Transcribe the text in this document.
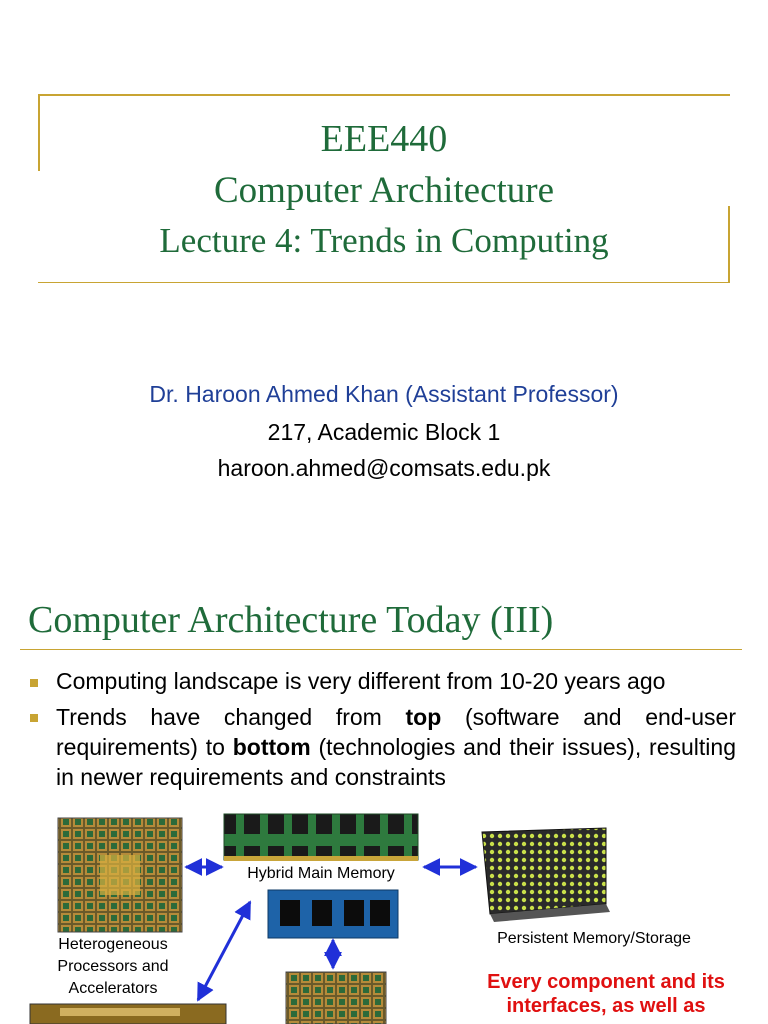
EEE440
Computer Architecture
Lecture 4: Trends in Computing
Dr. Haroon Ahmed Khan (Assistant Professor)
217, Academic Block 1
haroon.ahmed@comsats.edu.pk
Computer Architecture Today (III)
Computing landscape is very different from 10-20 years ago
Trends have changed from top (software and end-user requirements) to bottom (technologies and their issues), resulting in newer requirements and constraints
Hybrid Main Memory
Heterogeneous
Processors and
Accelerators
Persistent Memory/Storage
Every component and its
interfaces, as well as
